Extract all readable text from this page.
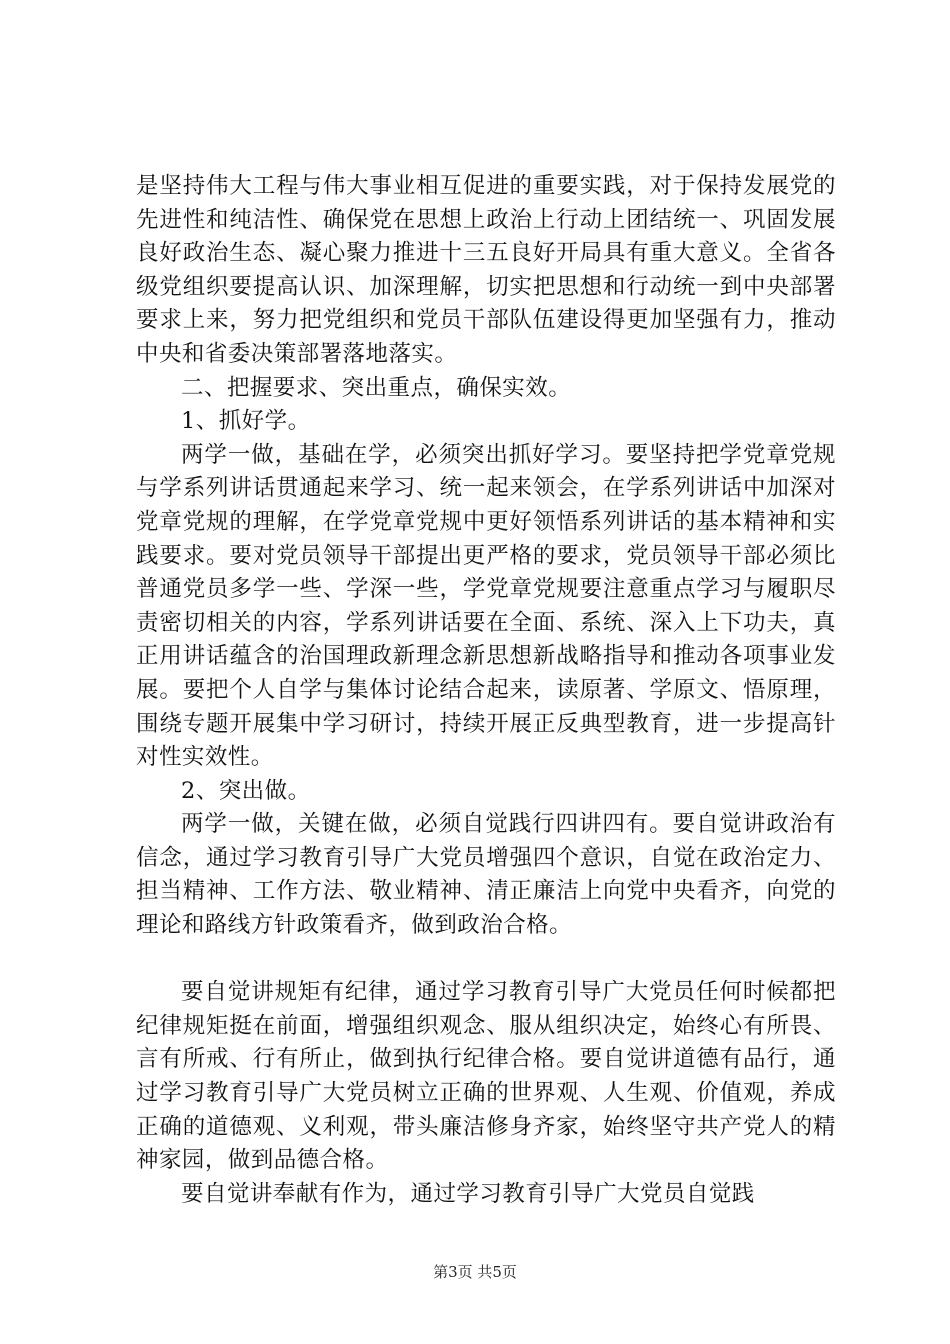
是坚持伟大工程与伟大事业相互促进的重要实践，对于保持发展党的先进性和纯洁性、确保党在思想上政治上行动上团结统一、巩固发展良好政治生态、凝心聚力推进十三五良好开局具有重大意义。全省各级党组织要提高认识、加深理解，切实把思想和行动统一到中央部署要求上来，努力把党组织和党员干部队伍建设得更加坚强有力，推动中央和省委决策部署落地落实。

二、把握要求、突出重点，确保实效。

1、抓好学。

两学一做，基础在学，必须突出抓好学习。要坚持把学党章党规与学系列讲话贯通起来学习、统一起来领会，在学系列讲话中加深对党章党规的理解，在学党章党规中更好领悟系列讲话的基本精神和实践要求。要对党员领导干部提出更严格的要求，党员领导干部必须比普通党员多学一些、学深一些，学党章党规要注意重点学习与履职尽责密切相关的内容，学系列讲话要在全面、系统、深入上下功夫，真正用讲话蕴含的治国理政新理念新思想新战略指导和推动各项事业发展。要把个人自学与集体讨论结合起来，读原著、学原文、悟原理，围绕专题开展集中学习研讨，持续开展正反典型教育，进一步提高针对性实效性。

2、突出做。

两学一做，关键在做，必须自觉践行四讲四有。要自觉讲政治有信念，通过学习教育引导广大党员增强四个意识，自觉在政治定力、担当精神、工作方法、敬业精神、清正廉洁上向党中央看齐，向党的理论和路线方针政策看齐，做到政治合格。

要自觉讲规矩有纪律，通过学习教育引导广大党员任何时候都把纪律规矩挺在前面，增强组织观念、服从组织决定，始终心有所畏、言有所戒、行有所止，做到执行纪律合格。要自觉讲道德有品行，通过学习教育引导广大党员树立正确的世界观、人生观、价值观，养成正确的道德观、义利观，带头廉洁修身齐家，始终坚守共产党人的精神家园，做到品德合格。

要自觉讲奉献有作为，通过学习教育引导广大党员自觉践

第3页 共5页
